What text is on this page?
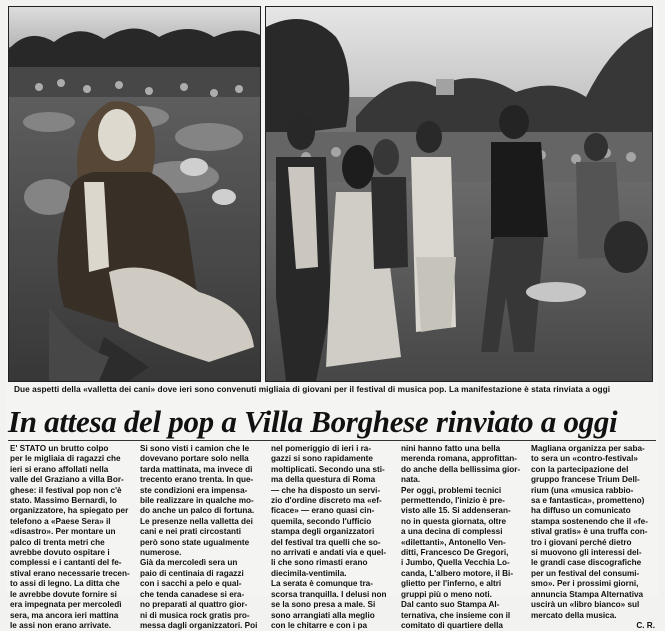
Due aspetti della «valletta dei cani» dove ieri sono convenuti migliaia di giovani per il festival di musica pop. La manifestazione è stata rinviata a oggi
In attesa del pop a Villa Borghese rinviato a oggi
E' STATO un brutto colpo
per le migliaia di ragazzi che
ieri si erano affollati nella
valle del Graziano a villa Bor-
ghese: il festival pop non c'è
stato. Massimo Bernardi, lo
organizzatore, ha spiegato per
telefono a «Paese Sera» il
«disastro». Per montare un
palco di trenta metri che
avrebbe dovuto ospitare i
complessi e i cantanti del fe-
stival erano necessarie trecen-
to assi di legno. La ditta che
le avrebbe dovute fornire si
era impegnata per mercoledì
sera, ma ancora ieri mattina
le assi non erano arrivate.
Si sono visti i camion che le
dovevano portare solo nella
tarda mattinata, ma invece di
trecento erano trenta. In que-
ste condizioni era impensa-
bile realizzare in qualche mo-
do anche un palco di fortuna.
Le presenze nella valletta dei
cani e nei prati circostanti
però sono state ugualmente
numerose.
Già da mercoledì sera un
paio di centinaia di ragazzi
con i sacchi a pelo e qual-
che tenda canadese si era-
no preparati al quattro gior-
ni di musica rock gratis pro-
messa dagli organizzatori. Poi
nel pomeriggio di ieri i ra-
gazzi si sono rapidamente
moltiplicati. Secondo una sti-
ma della questura di Roma
— che ha disposto un servi-
zio d'ordine discreto ma «ef-
ficace» — erano quasi cin-
quemila, secondo l'ufficio
stampa degli organizzatori
del festival tra quelli che so-
no arrivati e andati via e quel-
li che sono rimasti erano
diecimila-ventimila.
La serata è comunque tra-
scorsa tranquilla. I delusi non
se la sono presa a male. Si
sono arrangiati alla meglio
con le chitarre e con i pa
nini hanno fatto una bella
merenda romana, approfittan-
do anche della bellissima gior-
nata.
Per oggi, problemi tecnici
permettendo, l'inizio è pre-
visto alle 15. Si addenseran-
no in questa giornata, oltre
a una decina di complessi
«dilettanti», Antonello Ven-
ditti, Francesco De Gregori,
i Jumbo, Quella Vecchia Lo-
canda, L'albero motore, il Bi-
glietto per l'inferno, e altri
gruppi più o meno noti.
Dal canto suo Stampa Al-
ternativa, che insieme con il
comitato di quartiere della
Magliana organizza per saba-
to sera un «contro-festival»
con la partecipazione del
gruppo francese Trium Dell-
rium (una «musica rabbio-
sa e fantastica», prometteno)
ha diffuso un comunicato
stampa sostenendo che il «fe-
stival gratis» è una truffa con-
tro i giovani perché dietro
si muovono gli interessi del-
le grandi case discografiche
per un festival del consumi-
smo». Per i prossimi giorni,
annuncia Stampa Alternativa
uscirà un «libro bianco» sul
mercato della musica.
C. R.
